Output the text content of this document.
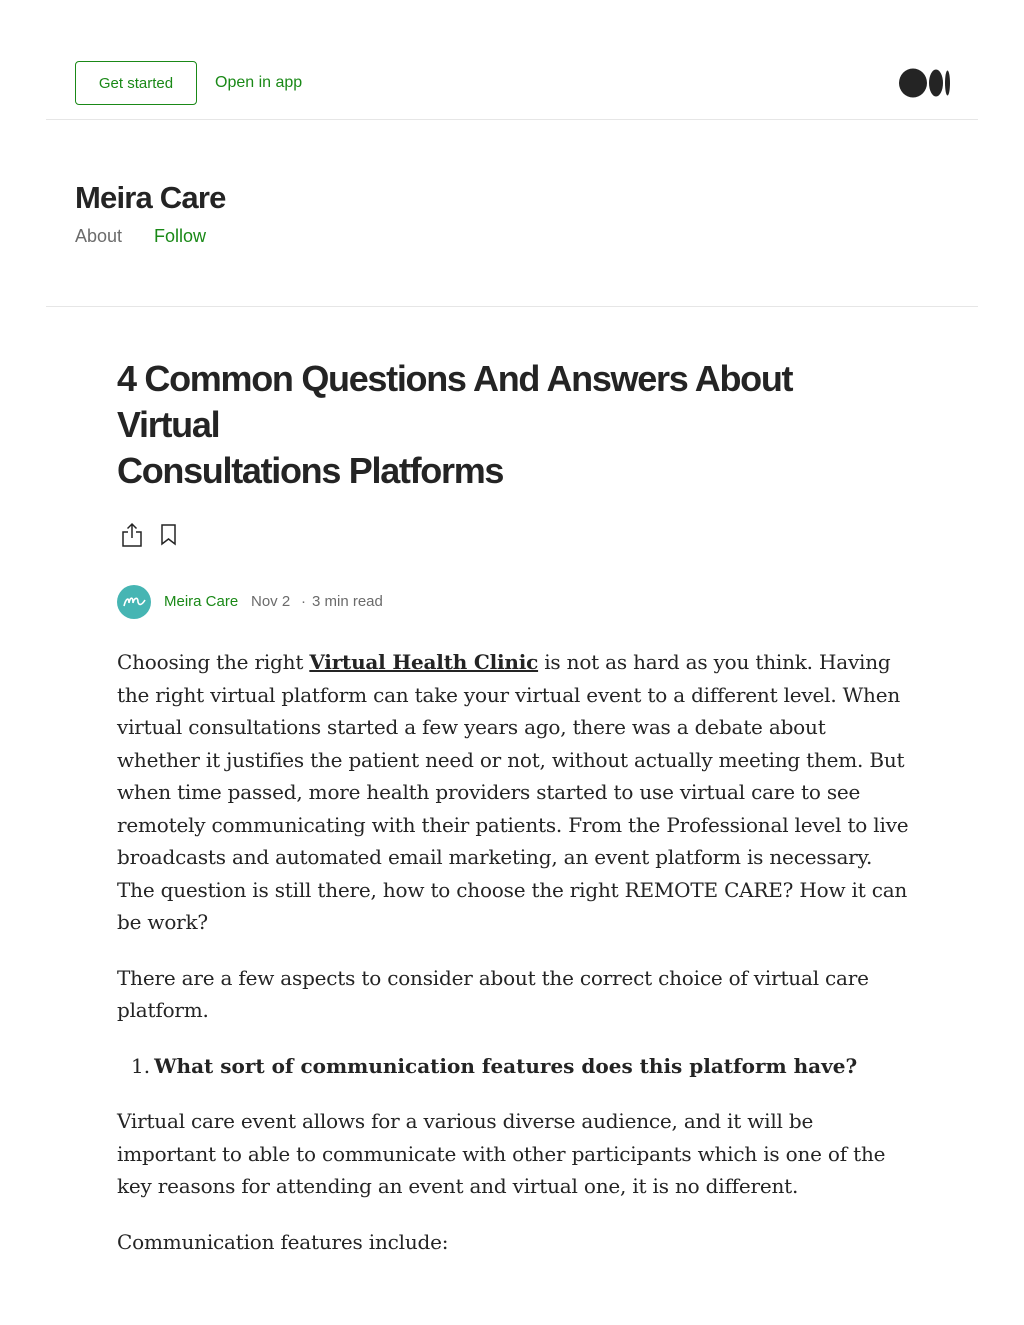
Get started	Open in app
Meira Care
About Follow
4 Common Questions And Answers About
Virtual
Consultations Platforms
Meira Care Nov 2 · 3 min read

Choosing the right Virtual Health Clinic is not as hard as you think. Having the right virtual platform can take your virtual event to a different level. When virtual consultations started a few years ago, there was a debate about whether it justifies the patient need or not, without actually meeting them. But when time passed, more health providers started to use virtual care to see remotely communicating with their patients. From the Professional level to live broadcasts and automated email marketing, an event platform is necessary. The question is still there, how to choose the right REMOTE CARE? How it can be work?

There are a few aspects to consider about the correct choice of virtual care platform.

1. What sort of communication features does this platform have?

Virtual care event allows for a various diverse audience, and it will be important to able to communicate with other participants which is one of the key reasons for attending an event and virtual one, it is no different.

Communication features include:
